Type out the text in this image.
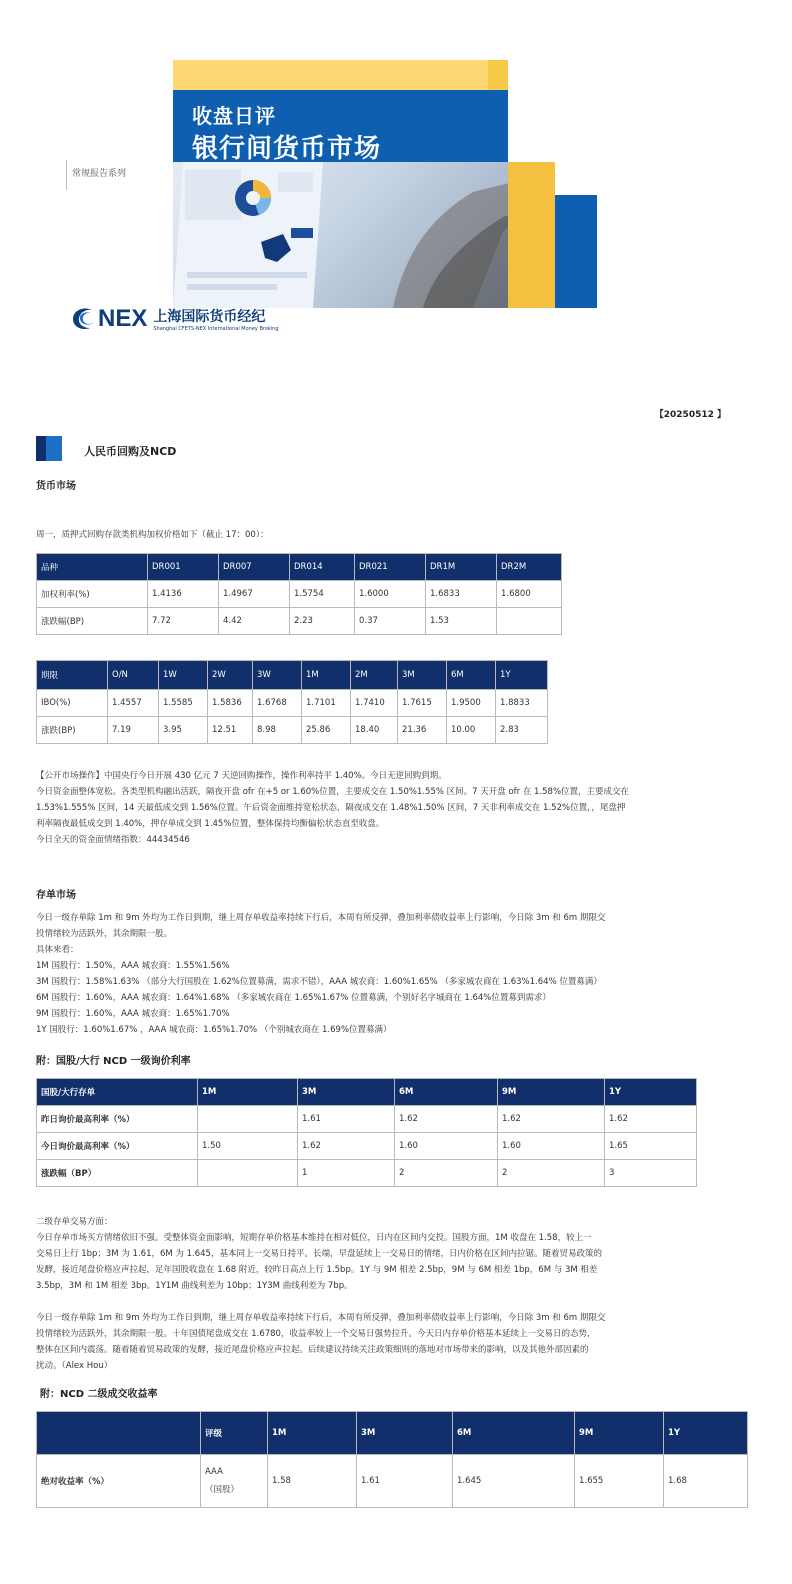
收盘日评
银行间货币市场
常规报告系列
NEX 上海国际货币经纪
Shanghai CFETS-NEX International Money Broking
【20250512 】
人民币回购及NCD
货币市场
周一，质押式回购存款类机构加权价格如下（截止 17：00）：
品种	DR001	DR007	DR014	DR021	DR1M	DR2M
加权利率(%)	1.4136	1.4967	1.5754	1.6000	1.6833	1.6800
涨跌幅(BP)	7.72	4.42	2.23	0.37	1.53	
期限	O/N	1W	2W	3W	1M	2M	3M	6M	1Y
IBO(%)	1.4557	1.5585	1.5836	1.6768	1.7101	1.7410	1.7615	1.9500	1.8833
涨跌(BP)	7.19	3.95	12.51	8.98	25.86	18.40	21.36	10.00	2.83
【公开市场操作】中国央行今日开展 430 亿元 7 天逆回购操作，操作利率持平 1.40%。今日无逆回购到期。
今日资金面整体宽松。各类型机构融出活跃，隔夜开盘 ofr 在+5 or 1.60%位置，主要成交在 1.50%1.55% 区间。7 天开盘 ofr 在 1.58%位置，主要成交在
1.53%1.555% 区间，14 天最低成交到 1.56%位置。午后资金面维持宽松状态，隔夜成交在 1.48%1.50% 区间，7 天非利率成交在 1.52%位置，，尾盘押
利率隔夜最低成交到 1.40%，押存单成交到 1.45%位置，整体保持均衡偏松状态直至收盘。
今日全天的资金面情绪指数：44434546
存单市场
今日一级存单除 1m 和 9m 外均为工作日到期，继上周存单收益率持续下行后，本周有所反弹，叠加利率债收益率上行影响，今日除 3m 和 6m 期限交
投情绪较为活跃外，其余期限一般。
具体来看：
1M 国股行：1.50%，AAA 城农商：1.55%1.56%
3M 国股行：1.58%1.63% （部分大行国股在 1.62%位置募满，需求不错），AAA 城农商：1.60%1.65% （多家城农商在 1.63%1.64% 位置募满）
6M 国股行：1.60%，AAA 城农商：1.64%1.68% （多家城农商在 1.65%1.67% 位置募满，个别好名字城商在 1.64%位置募到需求）
9M 国股行：1.60%，AAA 城农商：1.65%1.70%
1Y 国股行：1.60%1.67% ，AAA 城农商：1.65%1.70% （个别城农商在 1.69%位置募满）
附：国股/大行 NCD 一级询价利率
国股/大行存单	1M	3M	6M	9M	1Y
昨日询价最高利率（%）		1.61	1.62	1.62	1.62
今日询价最高利率（%）	1.50	1.62	1.60	1.60	1.65
涨跌幅（BP）		1	2	2	3
二级存单交易方面：
今日存单市场买方情绪依旧不强。受整体资金面影响，短期存单价格基本维持在相对低位，日内在区间内交投。国股方面，1M 收盘在 1.58，较上一
交易日上行 1bp；3M 为 1.61，6M 为 1.645，基本同上一交易日持平。长端，早盘延续上一交易日的情绪，日内价格在区间内拉锯。随着贸易政策的
发酵，接近尾盘价格应声拉起，足年国股收盘在 1.68 附近，较昨日高点上行 1.5bp。1Y 与 9M 相差 2.5bp，9M 与 6M 相差 1bp，6M 与 3M 相差
3.5bp，3M 和 1M 相差 3bp。1Y1M 曲线利差为 10bp；1Y3M 曲线利差为 7bp。
今日一级存单除 1m 和 9m 外均为工作日到期，继上周存单收益率持续下行后，本周有所反弹，叠加利率债收益率上行影响，今日除 3m 和 6m 期限交
投情绪较为活跃外，其余期限一般。十年国债尾盘成交在 1.6780，收益率较上一个交易日强势拉升。今天日内存单价格基本延续上一交易日的态势，
整体在区间内震荡。随着随着贸易政策的发酵，接近尾盘价格应声拉起。后续建议持续关注政策细则的落地对市场带来的影响，以及其他外部因素的
扰动。（Alex Hou）
附：NCD 二级成交收益率
	评级	1M	3M	6M	9M	1Y
绝对收益率（%）	AAA
（国股）	1.58	1.61	1.645	1.655	1.68
